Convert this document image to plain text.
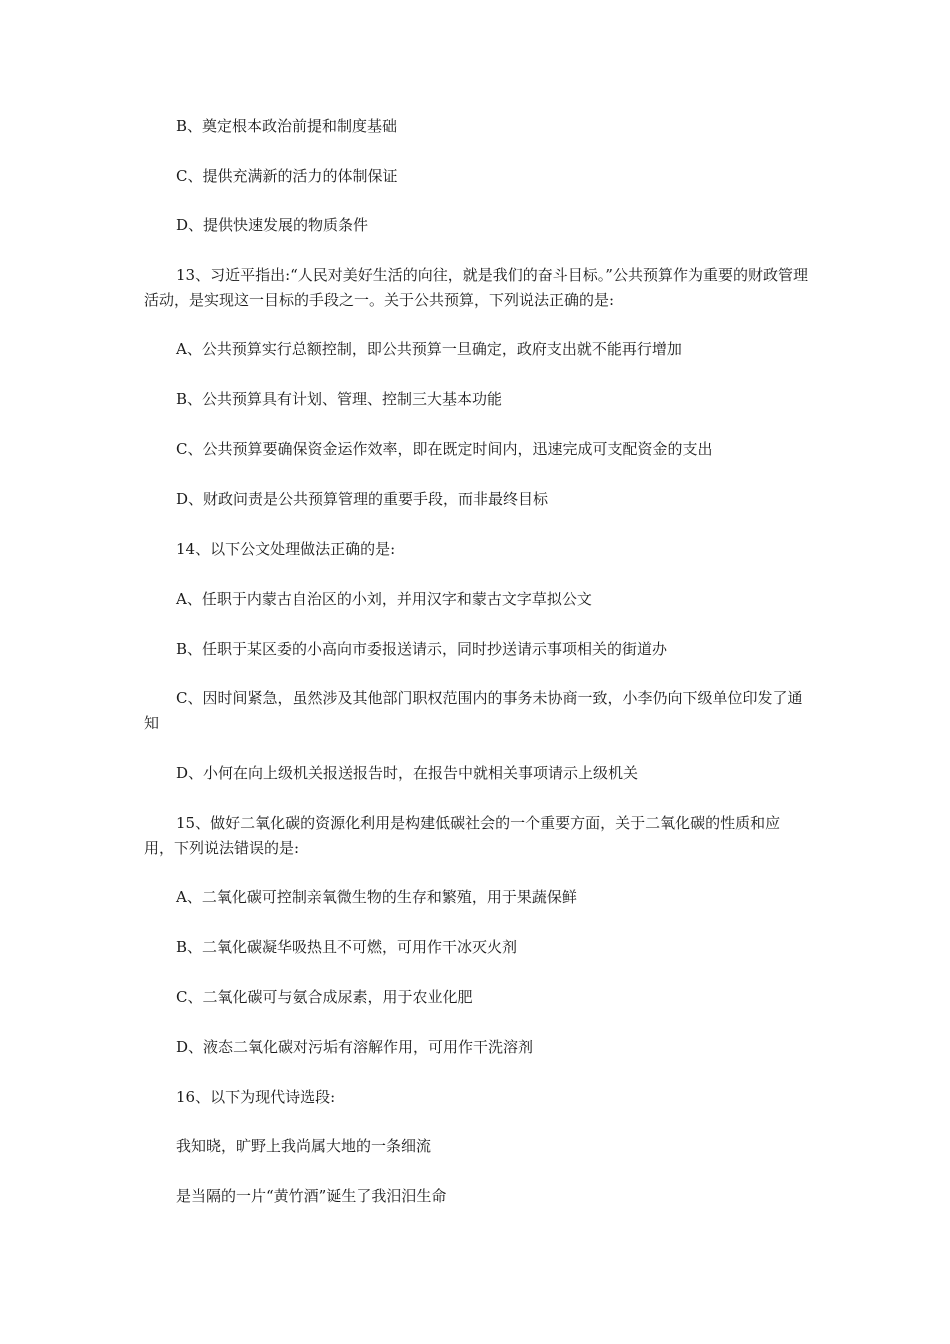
B、奠定根本政治前提和制度基础

C、提供充满新的活力的体制保证

D、提供快速发展的物质条件

13、习近平指出:“人民对美好生活的向往，就是我们的奋斗目标。”公共预算作为重要的财政管理活动，是实现这一目标的手段之一。关于公共预算，下列说法正确的是:

A、公共预算实行总额控制，即公共预算一旦确定，政府支出就不能再行增加

B、公共预算具有计划、管理、控制三大基本功能

C、公共预算要确保资金运作效率，即在既定时间内，迅速完成可支配资金的支出

D、财政问责是公共预算管理的重要手段，而非最终目标

14、以下公文处理做法正确的是:

A、任职于内蒙古自治区的小刘，并用汉字和蒙古文字草拟公文

B、任职于某区委的小高向市委报送请示，同时抄送请示事项相关的街道办

C、因时间紧急，虽然涉及其他部门职权范围内的事务未协商一致，小李仍向下级单位印发了通知

D、小何在向上级机关报送报告时，在报告中就相关事项请示上级机关

15、做好二氧化碳的资源化利用是构建低碳社会的一个重要方面，关于二氧化碳的性质和应用，下列说法错误的是:

A、二氧化碳可控制亲氧微生物的生存和繁殖，用于果蔬保鲜

B、二氧化碳凝华吸热且不可燃，可用作干冰灭火剂

C、二氧化碳可与氨合成尿素，用于农业化肥

D、液态二氧化碳对污垢有溶解作用，可用作干洗溶剂

16、以下为现代诗选段:

我知晓，旷野上我尚属大地的一条细流

是当隔的一片“黄竹酒”诞生了我汨汨生命
